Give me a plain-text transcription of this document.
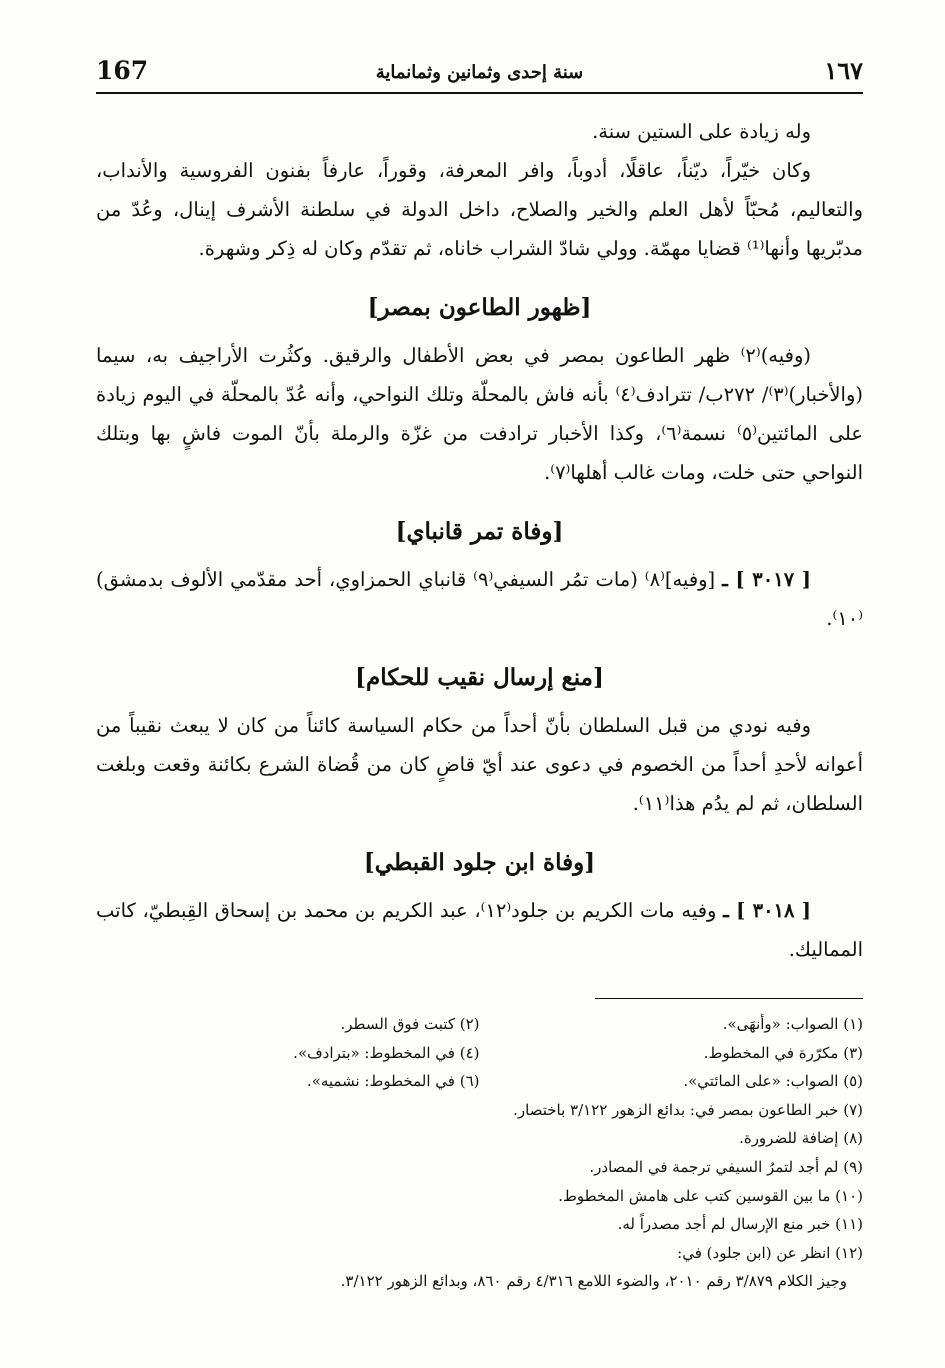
167	سنة إحدى وثمانين وثمانماية	١٦٧

وله زيادة على الستين سنة.

وكان خيّراً، ديّناً، عاقلًا، أدوباً، وافر المعرفة، وقوراً، عارفاً بفنون الفروسية والأنداب، والتعاليم، مُحبّاً لأهل العلم والخير والصلاح، داخل الدولة في سلطنة الأشرف إينال، وعُدّ من مدبّريها وأنها⁽¹⁾ قضايا مهمّة. وولي شادّ الشراب خاناه، ثم تقدّم وكان له ذِكر وشهرة.

[ظهور الطاعون بمصر]

(وفيه)⁽٢⁾ ظهر الطاعون بمصر في بعض الأطفال والرقيق. وكثُرت الأراجيف به، سيما (والأخبار)⁽٣⁾/ ٢٧٢ب/ تترادف⁽٤⁾ بأنه فاش بالمحلّة وتلك النواحي، وأنه عُدّ بالمحلّة في اليوم زيادة على المائتين⁽٥⁾ نسمة⁽٦⁾، وكذا الأخبار ترادفت من غزّة والرملة بأنّ الموت فاشٍ بها وبتلك النواحي حتى خلت، ومات غالب أهلها⁽٧⁾.

[وفاة تمر قانباي]

[ ٣٠١٧ ] ـ [وفيه]⁽٨⁾ (مات تمُر السيفي⁽٩⁾ قانباي الحمزاوي، أحد مقدّمي الألوف بدمشق)⁽١٠⁾.

[منع إرسال نقيب للحكام]

وفيه نودي من قبل السلطان بأنّ أحداً من حكام السياسة كائناً من كان لا يبعث نقيباً من أعوانه لأحدِ أحداً من الخصوم في دعوى عند أيّ قاضٍ كان من قُضاة الشرع بكائنة وقعت وبلغت السلطان، ثم لم يدُم هذا⁽١١⁾.

[وفاة ابن جلود القبطي]

[ ٣٠١٨ ] ـ وفيه مات الكريم بن جلود⁽١٢⁾، عبد الكريم بن محمد بن إسحاق القِبطيّ، كاتب المماليك.

(١) الصواب: «وأنهَى».
(٢) كتبت فوق السطر.
(٣) مكرّرة في المخطوط.
(٤) في المخطوط: «بترادف».
(٥) الصواب: «على المائتي».
(٦) في المخطوط: نشميه».
(٧) خبر الطاعون بمصر في: بدائع الزهور ٣/١٢٢ باختصار.
(٨) إضافة للضرورة.
(٩) لم أجد لتمرُ السيفي ترجمة في المصادر.
(١٠) ما بين القوسين كتب على هامش المخطوط.
(١١) خبر منع الإرسال لم أجد مصدراً له.
(١٢) انظر عن (ابن جلود) في:
وجيز الكلام ٣/٨٧٩ رقم ٢٠١٠، والضوء اللامع ٤/٣١٦ رقم ٨٦٠، وبدائع الزهور ٣/١٢٢.
